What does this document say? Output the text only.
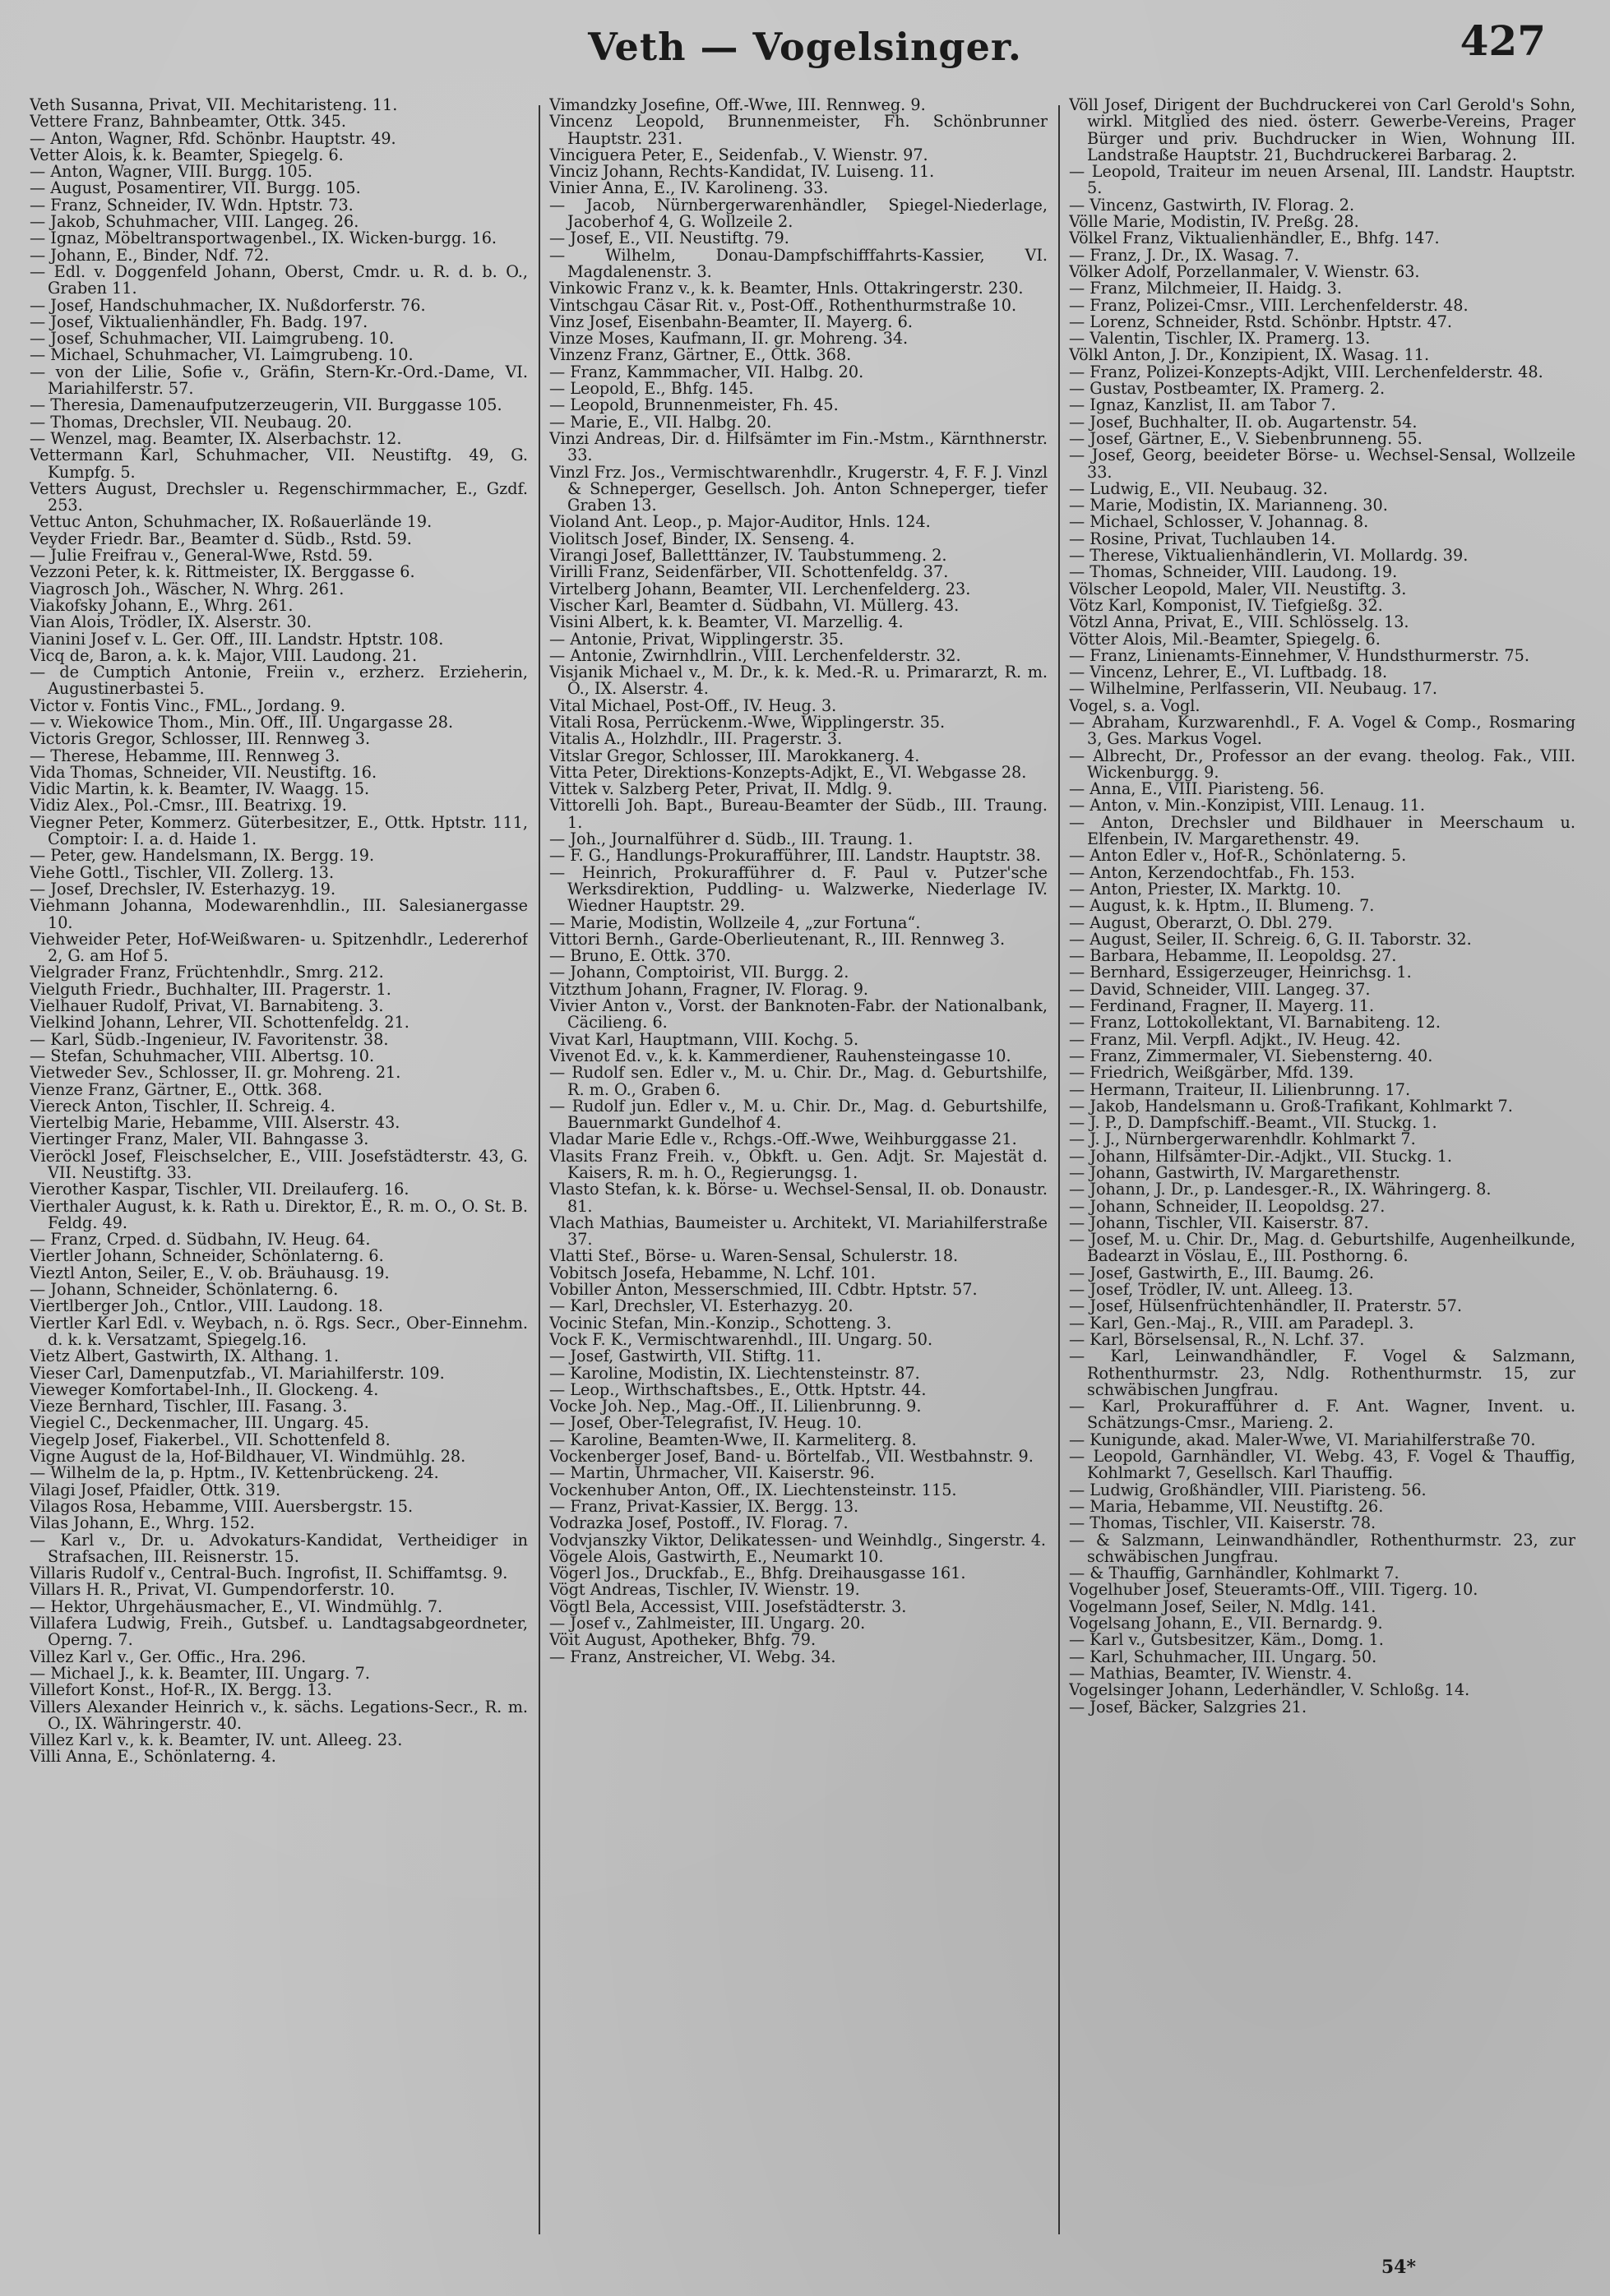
Veth — Vogelsinger.	427
Veth Susanna, Privat, VII. Mechitaristeng. 11.
Vettere Franz, Bahnbeamter, Ottk. 345.
— Anton, Wagner, Rfd. Schönbr. Hauptstr. 49.
Vetter Alois, k. k. Beamter, Spiegelg. 6.
— Anton, Wagner, VIII. Burgg. 105.
— August, Posamentirer, VII. Burgg. 105.
— Franz, Schneider, IV. Wdn. Hptstr. 73.
— Jakob, Schuhmacher, VIII. Langeg. 26.
— Ignaz, Möbeltransportwagenbel., IX. Wicken-burgg. 16.
— Johann, E., Binder, Ndf. 72.
— Edl. v. Doggenfeld Johann, Oberst, Cmdr. u. R. d. b. O., Graben 11.
— Josef, Handschuhmacher, IX. Nußdorferstr. 76.
— Josef, Viktualienhändler, Fh. Badg. 197.
— Josef, Schuhmacher, VII. Laimgrubeng. 10.
— Michael, Schuhmacher, VI. Laimgrubeng. 10.
— von der Lilie, Sofie v., Gräfin, Stern-Kr.-Ord.-Dame, VI. Mariahilferstr. 57.
— Theresia, Damenaufputzerzeugerin, VII. Burggasse 105.
— Thomas, Drechsler, VII. Neubaug. 20.
— Wenzel, mag. Beamter, IX. Alserbachstr. 12.
Vettermann Karl, Schuhmacher, VII. Neustiftg. 49, G. Kumpfg. 5.
Vetters August, Drechsler u. Regenschirmmacher, E., Gzdf. 253.
Vettuc Anton, Schuhmacher, IX. Roßauerlände 19.
Veyder Friedr. Bar., Beamter d. Südb., Rstd. 59.
— Julie Freifrau v., General-Wwe, Rstd. 59.
Vezzoni Peter, k. k. Rittmeister, IX. Berggasse 6.
Viagrosch Joh., Wäscher, N. Whrg. 261.
Viakofsky Johann, E., Whrg. 261.
Vian Alois, Trödler, IX. Alserstr. 30.
Vianini Josef v. L. Ger. Off., III. Landstr. Hptstr. 108.
Vicq de, Baron, a. k. k. Major, VIII. Laudong. 21.
— de Cumptich Antonie, Freiin v., erzherz. Erzieherin, Augustinerbastei 5.
Victor v. Fontis Vinc., FML., Jordang. 9.
— v. Wiekowice Thom., Min. Off., III. Ungargasse 28.
Victoris Gregor, Schlosser, III. Rennweg 3.
— Therese, Hebamme, III. Rennweg 3.
Vida Thomas, Schneider, VII. Neustiftg. 16.
Vidic Martin, k. k. Beamter, IV. Waagg. 15.
Vidiz Alex., Pol.-Cmsr., III. Beatrixg. 19.
Viegner Peter, Kommerz. Güterbesitzer, E., Ottk. Hptstr. 111, Comptoir: I. a. d. Haide 1.
— Peter, gew. Handelsmann, IX. Bergg. 19.
Viehe Gottl., Tischler, VII. Zollerg. 13.
— Josef, Drechsler, IV. Esterhazyg. 19.
Viehmann Johanna, Modewarenhdlin., III. Salesianergasse 10.
Viehweider Peter, Hof-Weißwaren- u. Spitzenhdlr., Ledererhof 2, G. am Hof 5.
Vielgrader Franz, Früchtenhdlr., Smrg. 212.
Vielguth Friedr., Buchhalter, III. Pragerstr. 1.
Vielhauer Rudolf, Privat, VI. Barnabiteng. 3.
Vielkind Johann, Lehrer, VII. Schottenfeldg. 21.
— Karl, Südb.-Ingenieur, IV. Favoritenstr. 38.
— Stefan, Schuhmacher, VIII. Albertsg. 10.
Vietweder Sev., Schlosser, II. gr. Mohreng. 21.
Vienze Franz, Gärtner, E., Ottk. 368.
Viereck Anton, Tischler, II. Schreig. 4.
Viertelbig Marie, Hebamme, VIII. Alserstr. 43.
Viertinger Franz, Maler, VII. Bahngasse 3.
Vieröckl Josef, Fleischselcher, E., VIII. Josefstädterstr. 43, G. VII. Neustiftg. 33.
Vierother Kaspar, Tischler, VII. Dreilauferg. 16.
Vierthaler August, k. k. Rath u. Direktor, E., R. m. O., O. St. B. Feldg. 49.
— Franz, Crped. d. Südbahn, IV. Heug. 64.
Viertler Johann, Schneider, Schönlaterng. 6.
Vieztl Anton, Seiler, E., V. ob. Bräuhausg. 19.
— Johann, Schneider, Schönlaterng. 6.
Viertlberger Joh., Cntlor., VIII. Laudong. 18.
Viertler Karl Edl. v. Weybach, n. ö. Rgs. Secr., Ober-Einnehm. d. k. k. Versatzamt, Spiegelg.16.
Vietz Albert, Gastwirth, IX. Althang. 1.
Vieser Carl, Damenputzfab., VI. Mariahilferstr. 109.
Vieweger Komfortabel-Inh., II. Glockeng. 4.
Vieze Bernhard, Tischler, III. Fasang. 3.
Viegiel C., Deckenmacher, III. Ungarg. 45.
Viegelp Josef, Fiakerbel., VII. Schottenfeld 8.
Vigne August de la, Hof-Bildhauer, VI. Windmühlg. 28.
— Wilhelm de la, p. Hptm., IV. Kettenbrückeng. 24.
Vilagi Josef, Pfaidler, Ottk. 319.
Vilagos Rosa, Hebamme, VIII. Auersbergstr. 15.
Vilas Johann, E., Whrg. 152.
— Karl v., Dr. u. Advokaturs-Kandidat, Vertheidiger in Strafsachen, III. Reisnerstr. 15.
Villaris Rudolf v., Central-Buch. Ingrofist, II. Schiffamtsg. 9.
Villars H. R., Privat, VI. Gumpendorferstr. 10.
— Hektor, Uhrgehäusmacher, E., VI. Windmühlg. 7.
Villafera Ludwig, Freih., Gutsbef. u. Landtagsabgeordneter, Operng. 7.
Villez Karl v., Ger. Offic., Hra. 296.
— Michael J., k. k. Beamter, III. Ungarg. 7.
Villefort Konst., Hof-R., IX. Bergg. 13.
Villers Alexander Heinrich v., k. sächs. Legations-Secr., R. m. O., IX. Währingerstr. 40.
Villez Karl v., k. k. Beamter, IV. unt. Alleeg. 23.
Villi Anna, E., Schönlaterng. 4.
Vimandzky Josefine, Off.-Wwe, III. Rennweg. 9.
Vincenz Leopold, Brunnenmeister, Fh. Schönbrunner Hauptstr. 231.
Vinciguera Peter, E., Seidenfab., V. Wienstr. 97.
Vinciz Johann, Rechts-Kandidat, IV. Luiseng. 11.
Vinier Anna, E., IV. Karolineng. 33.
— Jacob, Nürnbergerwarenhändler, Spiegel-Niederlage, Jacoberhof 4, G. Wollzeile 2.
— Josef, E., VII. Neustiftg. 79.
— Wilhelm, Donau-Dampfschifffahrts-Kassier, VI. Magdalenenstr. 3.
Vinkowic Franz v., k. k. Beamter, Hnls. Ottakringerstr. 230.
Vintschgau Cäsar Rit. v., Post-Off., Rothenthurmstraße 10.
Vinz Josef, Eisenbahn-Beamter, II. Mayerg. 6.
Vinze Moses, Kaufmann, II. gr. Mohreng. 34.
Vinzenz Franz, Gärtner, E., Ottk. 368.
— Franz, Kammmacher, VII. Halbg. 20.
— Leopold, E., Bhfg. 145.
— Leopold, Brunnenmeister, Fh. 45.
— Marie, E., VII. Halbg. 20.
Vinzi Andreas, Dir. d. Hilfsämter im Fin.-Mstm., Kärnthnerstr. 33.
Vinzl Frz. Jos., Vermischtwarenhdlr., Krugerstr. 4, F. F. J. Vinzl & Schneperger, Gesellsch. Joh. Anton Schneperger, tiefer Graben 13.
Violand Ant. Leop., p. Major-Auditor, Hnls. 124.
Violitsch Josef, Binder, IX. Senseng. 4.
Virangi Josef, Balletttänzer, IV. Taubstummeng. 2.
Virilli Franz, Seidenfärber, VII. Schottenfeldg. 37.
Virtelberg Johann, Beamter, VII. Lerchenfelderg. 23.
Vischer Karl, Beamter d. Südbahn, VI. Müllerg. 43.
Visini Albert, k. k. Beamter, VI. Marzellig. 4.
— Antonie, Privat, Wipplingerstr. 35.
— Antonie, Zwirnhdlrin., VIII. Lerchenfelderstr. 32.
Visjanik Michael v., M. Dr., k. k. Med.-R. u. Primararzt, R. m. O., IX. Alserstr. 4.
Vital Michael, Post-Off., IV. Heug. 3.
Vitali Rosa, Perrückenm.-Wwe, Wipplingerstr. 35.
Vitalis A., Holzhdlr., III. Pragerstr. 3.
Vitslar Gregor, Schlosser, III. Marokkanerg. 4.
Vitta Peter, Direktions-Konzepts-Adjkt, E., VI. Webgasse 28.
Vittek v. Salzberg Peter, Privat, II. Mdlg. 9.
Vittorelli Joh. Bapt., Bureau-Beamter der Südb., III. Traung. 1.
— Joh., Journalführer d. Südb., III. Traung. 1.
— F. G., Handlungs-Prokurafführer, III. Landstr. Hauptstr. 38.
— Heinrich, Prokurafführer d. F. Paul v. Putzer'sche Werksdirektion, Puddling- u. Walzwerke, Niederlage IV. Wiedner Hauptstr. 29.
— Marie, Modistin, Wollzeile 4, „zur Fortuna“.
Vittori Bernh., Garde-Oberlieutenant, R., III. Rennweg 3.
— Bruno, E. Ottk. 370.
— Johann, Comptoirist, VII. Burgg. 2.
Vitzthum Johann, Fragner, IV. Florag. 9.
Vivier Anton v., Vorst. der Banknoten-Fabr. der Nationalbank, Cäcilieng. 6.
Vivat Karl, Hauptmann, VIII. Kochg. 5.
Vivenot Ed. v., k. k. Kammerdiener, Rauhensteingasse 10.
— Rudolf sen. Edler v., M. u. Chir. Dr., Mag. d. Geburtshilfe, R. m. O., Graben 6.
— Rudolf jun. Edler v., M. u. Chir. Dr., Mag. d. Geburtshilfe, Bauernmarkt Gundelhof 4.
Vladar Marie Edle v., Rchgs.-Off.-Wwe, Weihburggasse 21.
Vlasits Franz Freih. v., Obkft. u. Gen. Adjt. Sr. Majestät d. Kaisers, R. m. h. O., Regierungsg. 1.
Vlasto Stefan, k. k. Börse- u. Wechsel-Sensal, II. ob. Donaustr. 81.
Vlach Mathias, Baumeister u. Architekt, VI. Mariahilferstraße 37.
Vlatti Stef., Börse- u. Waren-Sensal, Schulerstr. 18.
Vobitsch Josefa, Hebamme, N. Lchf. 101.
Vobiller Anton, Messerschmied, III. Cdbtr. Hptstr. 57.
— Karl, Drechsler, VI. Esterhazyg. 20.
Vocinic Stefan, Min.-Konzip., Schotteng. 3.
Vock F. K., Vermischtwarenhdl., III. Ungarg. 50.
— Josef, Gastwirth, VII. Stiftg. 11.
— Karoline, Modistin, IX. Liechtensteinstr. 87.
— Leop., Wirthschaftsbes., E., Ottk. Hptstr. 44.
Vocke Joh. Nep., Mag.-Off., II. Lilienbrunng. 9.
— Josef, Ober-Telegrafist, IV. Heug. 10.
— Karoline, Beamten-Wwe, II. Karmeliterg. 8.
Vockenberger Josef, Band- u. Börtelfab., VII. Westbahnstr. 9.
— Martin, Uhrmacher, VII. Kaiserstr. 96.
Vockenhuber Anton, Off., IX. Liechtensteinstr. 115.
— Franz, Privat-Kassier, IX. Bergg. 13.
Vodrazka Josef, Postoff., IV. Florag. 7.
Vodvjanszky Viktor, Delikatessen- und Weinhdlg., Singerstr. 4.
Vögele Alois, Gastwirth, E., Neumarkt 10.
Vögerl Jos., Druckfab., E., Bhfg. Dreihausgasse 161.
Vögt Andreas, Tischler, IV. Wienstr. 19.
Vögtl Bela, Accessist, VIII. Josefstädterstr. 3.
— Josef v., Zahlmeister, III. Ungarg. 20.
Vöit August, Apotheker, Bhfg. 79.
— Franz, Anstreicher, VI. Webg. 34.
Völl Josef, Dirigent der Buchdruckerei von Carl Gerold's Sohn, wirkl. Mitglied des nied. österr. Gewerbe-Vereins, Prager Bürger und priv. Buchdrucker in Wien, Wohnung III. Landstraße Hauptstr. 21, Buchdruckerei Barbarag. 2.
— Leopold, Traiteur im neuen Arsenal, III. Landstr. Hauptstr. 5.
— Vincenz, Gastwirth, IV. Florag. 2.
Völle Marie, Modistin, IV. Preßg. 28.
Völkel Franz, Viktualienhändler, E., Bhfg. 147.
— Franz, J. Dr., IX. Wasag. 7.
Völker Adolf, Porzellanmaler, V. Wienstr. 63.
— Franz, Milchmeier, II. Haidg. 3.
— Franz, Polizei-Cmsr., VIII. Lerchenfelderstr. 48.
— Lorenz, Schneider, Rstd. Schönbr. Hptstr. 47.
— Valentin, Tischler, IX. Pramerg. 13.
Völkl Anton, J. Dr., Konzipient, IX. Wasag. 11.
— Franz, Polizei-Konzepts-Adjkt, VIII. Lerchenfelderstr. 48.
— Gustav, Postbeamter, IX. Pramerg. 2.
— Ignaz, Kanzlist, II. am Tabor 7.
— Josef, Buchhalter, II. ob. Augartenstr. 54.
— Josef, Gärtner, E., V. Siebenbrunneng. 55.
— Josef, Georg, beeideter Börse- u. Wechsel-Sensal, Wollzeile 33.
— Ludwig, E., VII. Neubaug. 32.
— Marie, Modistin, IX. Marianneng. 30.
— Michael, Schlosser, V. Johannag. 8.
— Rosine, Privat, Tuchlauben 14.
— Therese, Viktualienhändlerin, VI. Mollardg. 39.
— Thomas, Schneider, VIII. Laudong. 19.
Völscher Leopold, Maler, VII. Neustiftg. 3.
Vötz Karl, Komponist, IV. Tiefgießg. 32.
Vötzl Anna, Privat, E., VIII. Schlösselg. 13.
Vötter Alois, Mil.-Beamter, Spiegelg. 6.
— Franz, Linienamts-Einnehmer, V. Hundsthurmerstr. 75.
— Vincenz, Lehrer, E., VI. Luftbadg. 18.
— Wilhelmine, Perlfasserin, VII. Neubaug. 17.
Vogel, s. a. Vogl.
— Abraham, Kurzwarenhdl., F. A. Vogel & Comp., Rosmaring 3, Ges. Markus Vogel.
— Albrecht, Dr., Professor an der evang. theolog. Fak., VIII. Wickenburgg. 9.
— Anna, E., VIII. Piaristeng. 56.
— Anton, v. Min.-Konzipist, VIII. Lenaug. 11.
— Anton, Drechsler und Bildhauer in Meerschaum u. Elfenbein, IV. Margarethenstr. 49.
— Anton Edler v., Hof-R., Schönlaterng. 5.
— Anton, Kerzendochtfab., Fh. 153.
— Anton, Priester, IX. Marktg. 10.
— August, k. k. Hptm., II. Blumeng. 7.
— August, Oberarzt, O. Dbl. 279.
— August, Seiler, II. Schreig. 6, G. II. Taborstr. 32.
— Barbara, Hebamme, II. Leopoldsg. 27.
— Bernhard, Essigerzeuger, Heinrichsg. 1.
— David, Schneider, VIII. Langeg. 37.
— Ferdinand, Fragner, II. Mayerg. 11.
— Franz, Lottokollektant, VI. Barnabiteng. 12.
— Franz, Mil. Verpfl. Adjkt., IV. Heug. 42.
— Franz, Zimmermaler, VI. Siebensterng. 40.
— Friedrich, Weißgärber, Mfd. 139.
— Hermann, Traiteur, II. Lilienbrunng. 17.
— Jakob, Handelsmann u. Groß-Trafikant, Kohlmarkt 7.
— J. P., D. Dampfschiff.-Beamt., VII. Stuckg. 1.
— J. J., Nürnbergerwarenhdlr. Kohlmarkt 7.
— Johann, Hilfsämter-Dir.-Adjkt., VII. Stuckg. 1.
— Johann, Gastwirth, IV. Margarethenstr.
— Johann, J. Dr., p. Landesger.-R., IX. Währingerg. 8.
— Johann, Schneider, II. Leopoldsg. 27.
— Johann, Tischler, VII. Kaiserstr. 87.
— Josef, M. u. Chir. Dr., Mag. d. Geburtshilfe, Augenheilkunde, Badearzt in Vöslau, E., III. Posthorng. 6.
— Josef, Gastwirth, E., III. Baumg. 26.
— Josef, Trödler, IV. unt. Alleeg. 13.
— Josef, Hülsenfrüchtenhändler, II. Praterstr. 57.
— Karl, Gen.-Maj., R., VIII. am Paradepl. 3.
— Karl, Börselsensal, R., N. Lchf. 37.
— Karl, Leinwandhändler, F. Vogel & Salzmann, Rothenthurmstr. 23, Ndlg. Rothenthurmstr. 15, zur schwäbischen Jungfrau.
— Karl, Prokurafführer d. F. Ant. Wagner, Invent. u. Schätzungs-Cmsr., Marieng. 2.
— Kunigunde, akad. Maler-Wwe, VI. Mariahilferstraße 70.
— Leopold, Garnhändler, VI. Webg. 43, F. Vogel & Thauffig, Kohlmarkt 7, Gesellsch. Karl Thauffig.
— Ludwig, Großhändler, VIII. Piaristeng. 56.
— Maria, Hebamme, VII. Neustiftg. 26.
— Thomas, Tischler, VII. Kaiserstr. 78.
— & Salzmann, Leinwandhändler, Rothenthurmstr. 23, zur schwäbischen Jungfrau.
— & Thauffig, Garnhändler, Kohlmarkt 7.
Vogelhuber Josef, Steueramts-Off., VIII. Tigerg. 10.
Vogelmann Josef, Seiler, N. Mdlg. 141.
Vogelsang Johann, E., VII. Bernardg. 9.
— Karl v., Gutsbesitzer, Käm., Domg. 1.
— Karl, Schuhmacher, III. Ungarg. 50.
— Mathias, Beamter, IV. Wienstr. 4.
Vogelsinger Johann, Lederhändler, V. Schloßg. 14.
— Josef, Bäcker, Salzgries 21.
54*
